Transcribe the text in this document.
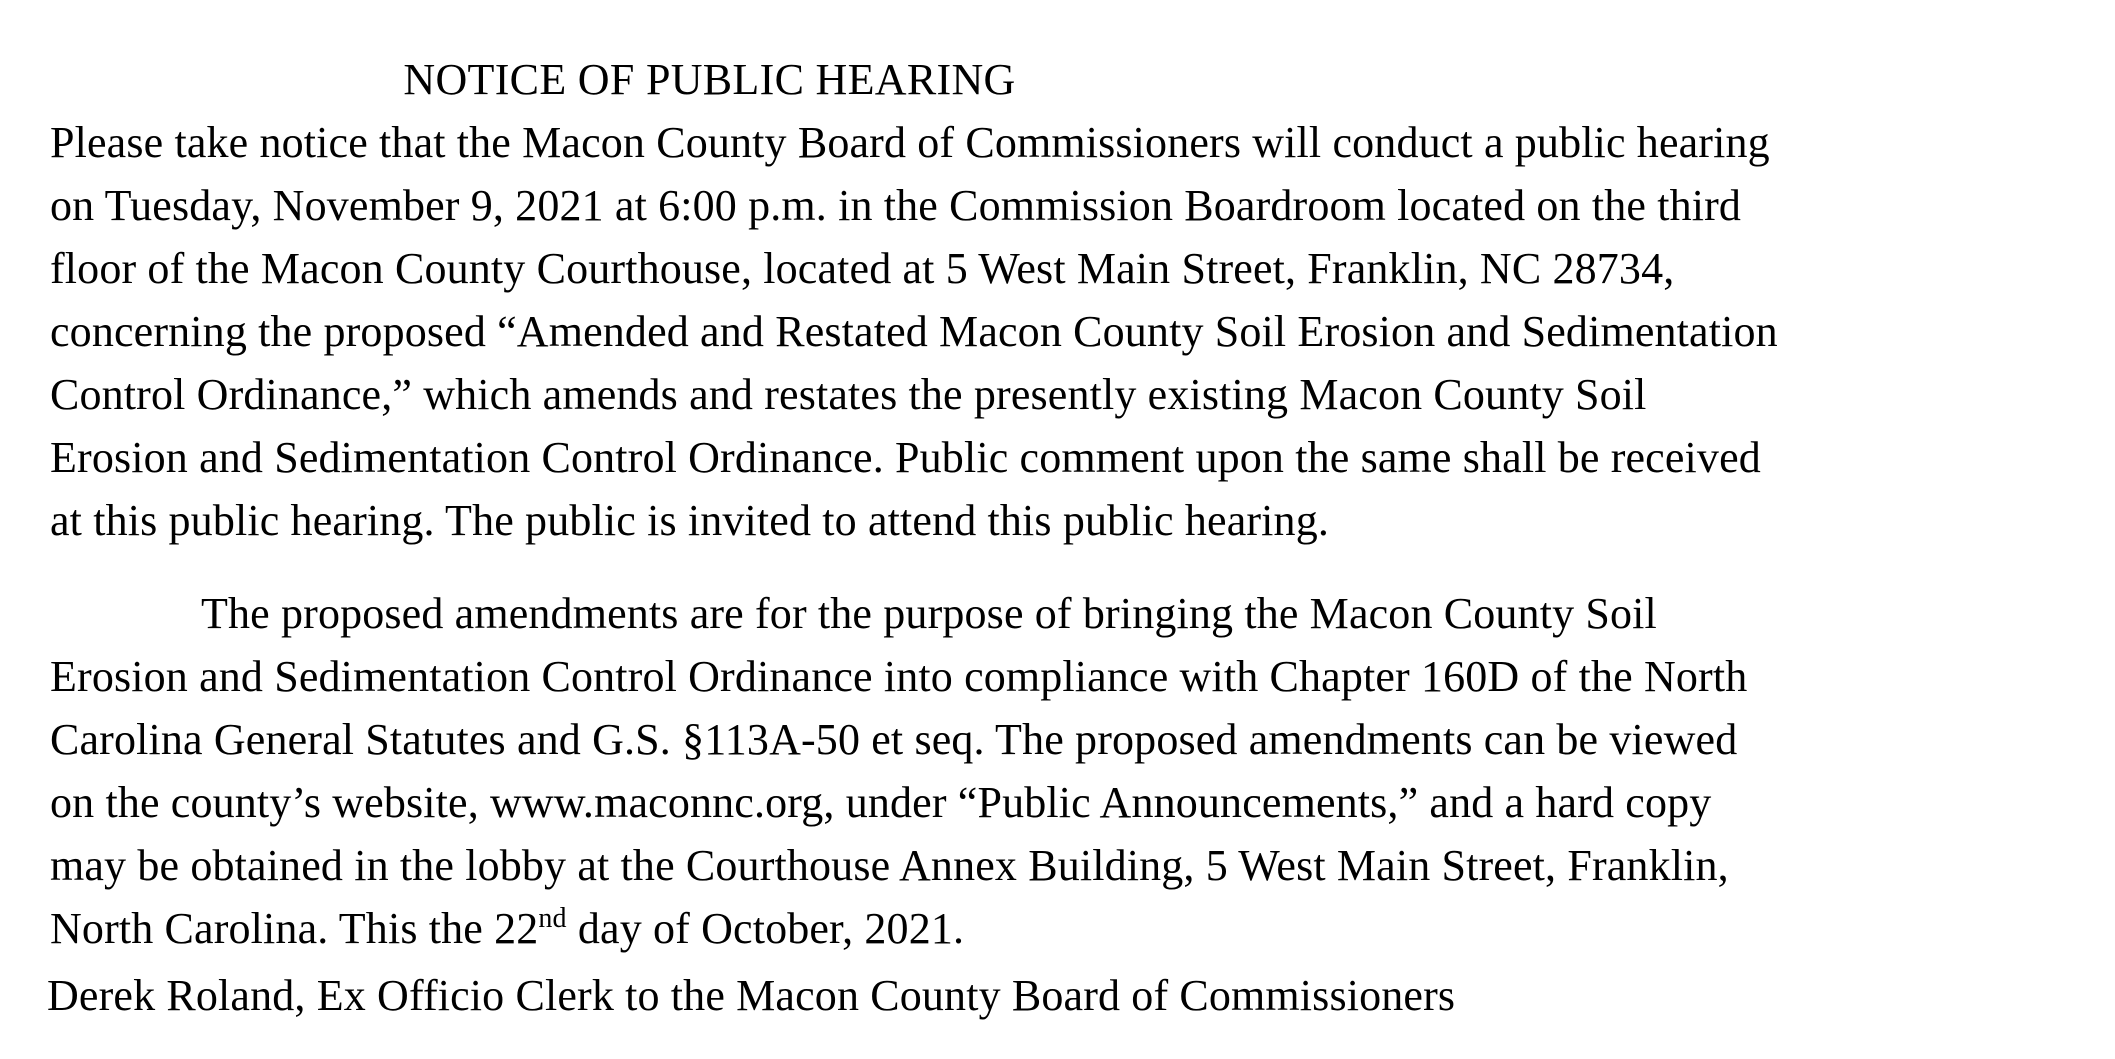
NOTICE OF PUBLIC HEARING
Please take notice that the Macon County Board of Commissioners will conduct a public hearing
on Tuesday, November 9, 2021 at 6:00 p.m. in the Commission Boardroom located on the third
floor of the Macon County Courthouse, located at 5 West Main Street, Franklin, NC 28734,
concerning the proposed “Amended and Restated Macon County Soil Erosion and Sedimentation
Control Ordinance,” which amends and restates the presently existing Macon County Soil
Erosion and Sedimentation Control Ordinance. Public comment upon the same shall be received
at this public hearing. The public is invited to attend this public hearing.
The proposed amendments are for the purpose of bringing the Macon County Soil
Erosion and Sedimentation Control Ordinance into compliance with Chapter 160D of the North
Carolina General Statutes and G.S. §113A-50 et seq. The proposed amendments can be viewed
on the county’s website, www.maconnc.org, under “Public Announcements,” and a hard copy
may be obtained in the lobby at the Courthouse Annex Building, 5 West Main Street, Franklin,
North Carolina. This the 22nd day of October, 2021.
Derek Roland, Ex Officio Clerk to the Macon County Board of Commissioners
